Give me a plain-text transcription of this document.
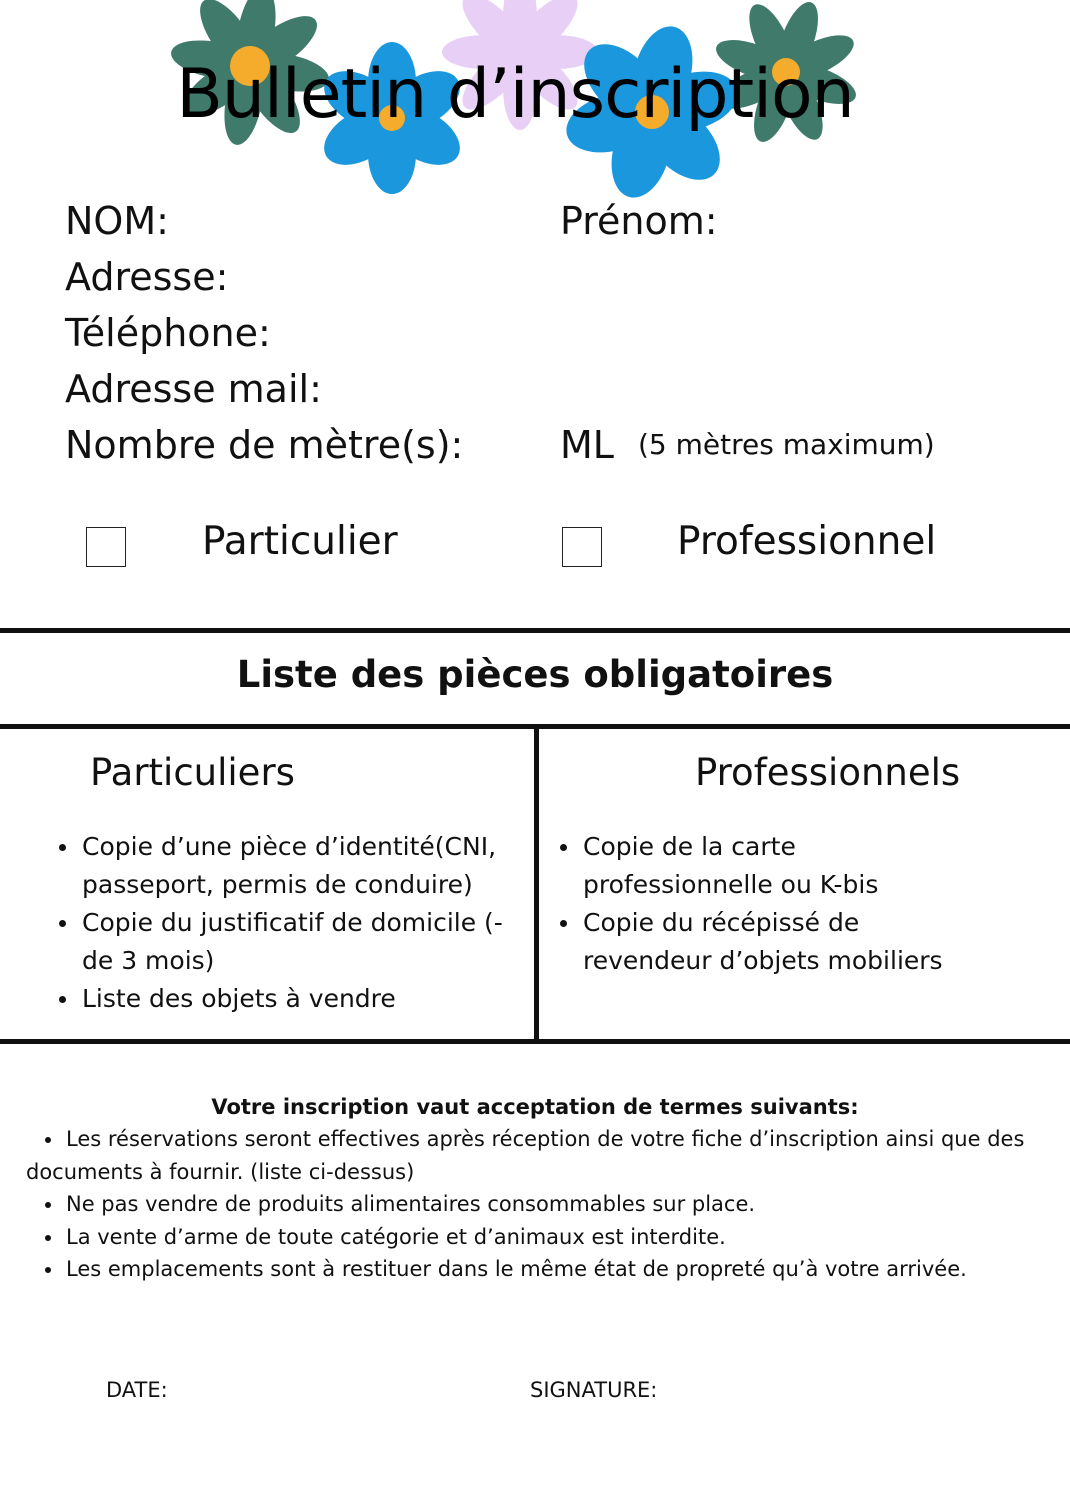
Bulletin d’inscription
NOM:	Prénom:
Adresse:
Téléphone:
Adresse mail:
Nombre de mètre(s):	ML (5 mètres maximum)
Particulier	Professionnel
Liste des pièces obligatoires
Particuliers	Professionnels
Copie d’une pièce d’identité(CNI, passeport, permis de conduire)
Copie du justificatif de domicile (- de 3 mois)
Liste des objets à vendre
Copie de la carte professionnelle ou K-bis
Copie du récépissé de revendeur d’objets mobiliers
Votre inscription vaut acceptation de termes suivants:

Les réservations seront effectives après réception de votre fiche d’inscription ainsi que des documents à fournir. (liste ci-dessus)

Ne pas vendre de produits alimentaires consommables sur place.

La vente d’arme de toute catégorie et d’animaux est interdite.

Les emplacements sont à restituer dans le même état de propreté qu’à votre arrivée.

DATE:	SIGNATURE:
